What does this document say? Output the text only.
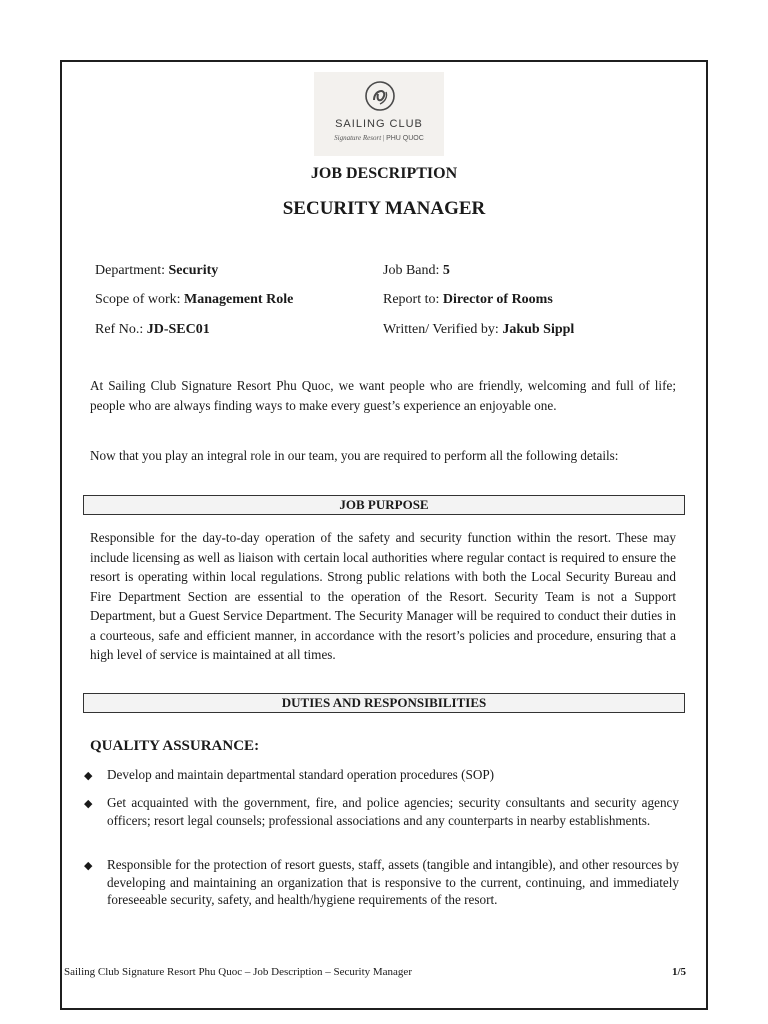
SAILING CLUB
Signature Resort | PHU QUOC
JOB DESCRIPTION
SECURITY MANAGER
Department: Security	Job Band: 5
Scope of work: Management Role	Report to: Director of Rooms
Ref No.: JD-SEC01	Written/ Verified by: Jakub Sippl
At Sailing Club Signature Resort Phu Quoc, we want people who are friendly, welcoming and full of life; people who are always finding ways to make every guest’s experience an enjoyable one.
Now that you play an integral role in our team, you are required to perform all the following details:
JOB PURPOSE
Responsible for the day-to-day operation of the safety and security function within the resort. These may include licensing as well as liaison with certain local authorities where regular contact is required to ensure the resort is operating within local regulations. Strong public relations with both the Local Security Bureau and Fire Department Section are essential to the operation of the Resort. Security Team is not a Support Department, but a Guest Service Department. The Security Manager will be required to conduct their duties in a courteous, safe and efficient manner, in accordance with the resort’s policies and procedure, ensuring that a high level of service is maintained at all times.
DUTIES AND RESPONSIBILITIES
QUALITY ASSURANCE:
◆ Develop and maintain departmental standard operation procedures (SOP)
◆ Get acquainted with the government, fire, and police agencies; security consultants and security agency officers; resort legal counsels; professional associations and any counterparts in nearby establishments.
◆ Responsible for the protection of resort guests, staff, assets (tangible and intangible), and other resources by developing and maintaining an organization that is responsive to the current, continuing, and immediately foreseeable security, safety, and health/hygiene requirements of the resort.
Sailing Club Signature Resort Phu Quoc – Job Description – Security Manager	1/5
